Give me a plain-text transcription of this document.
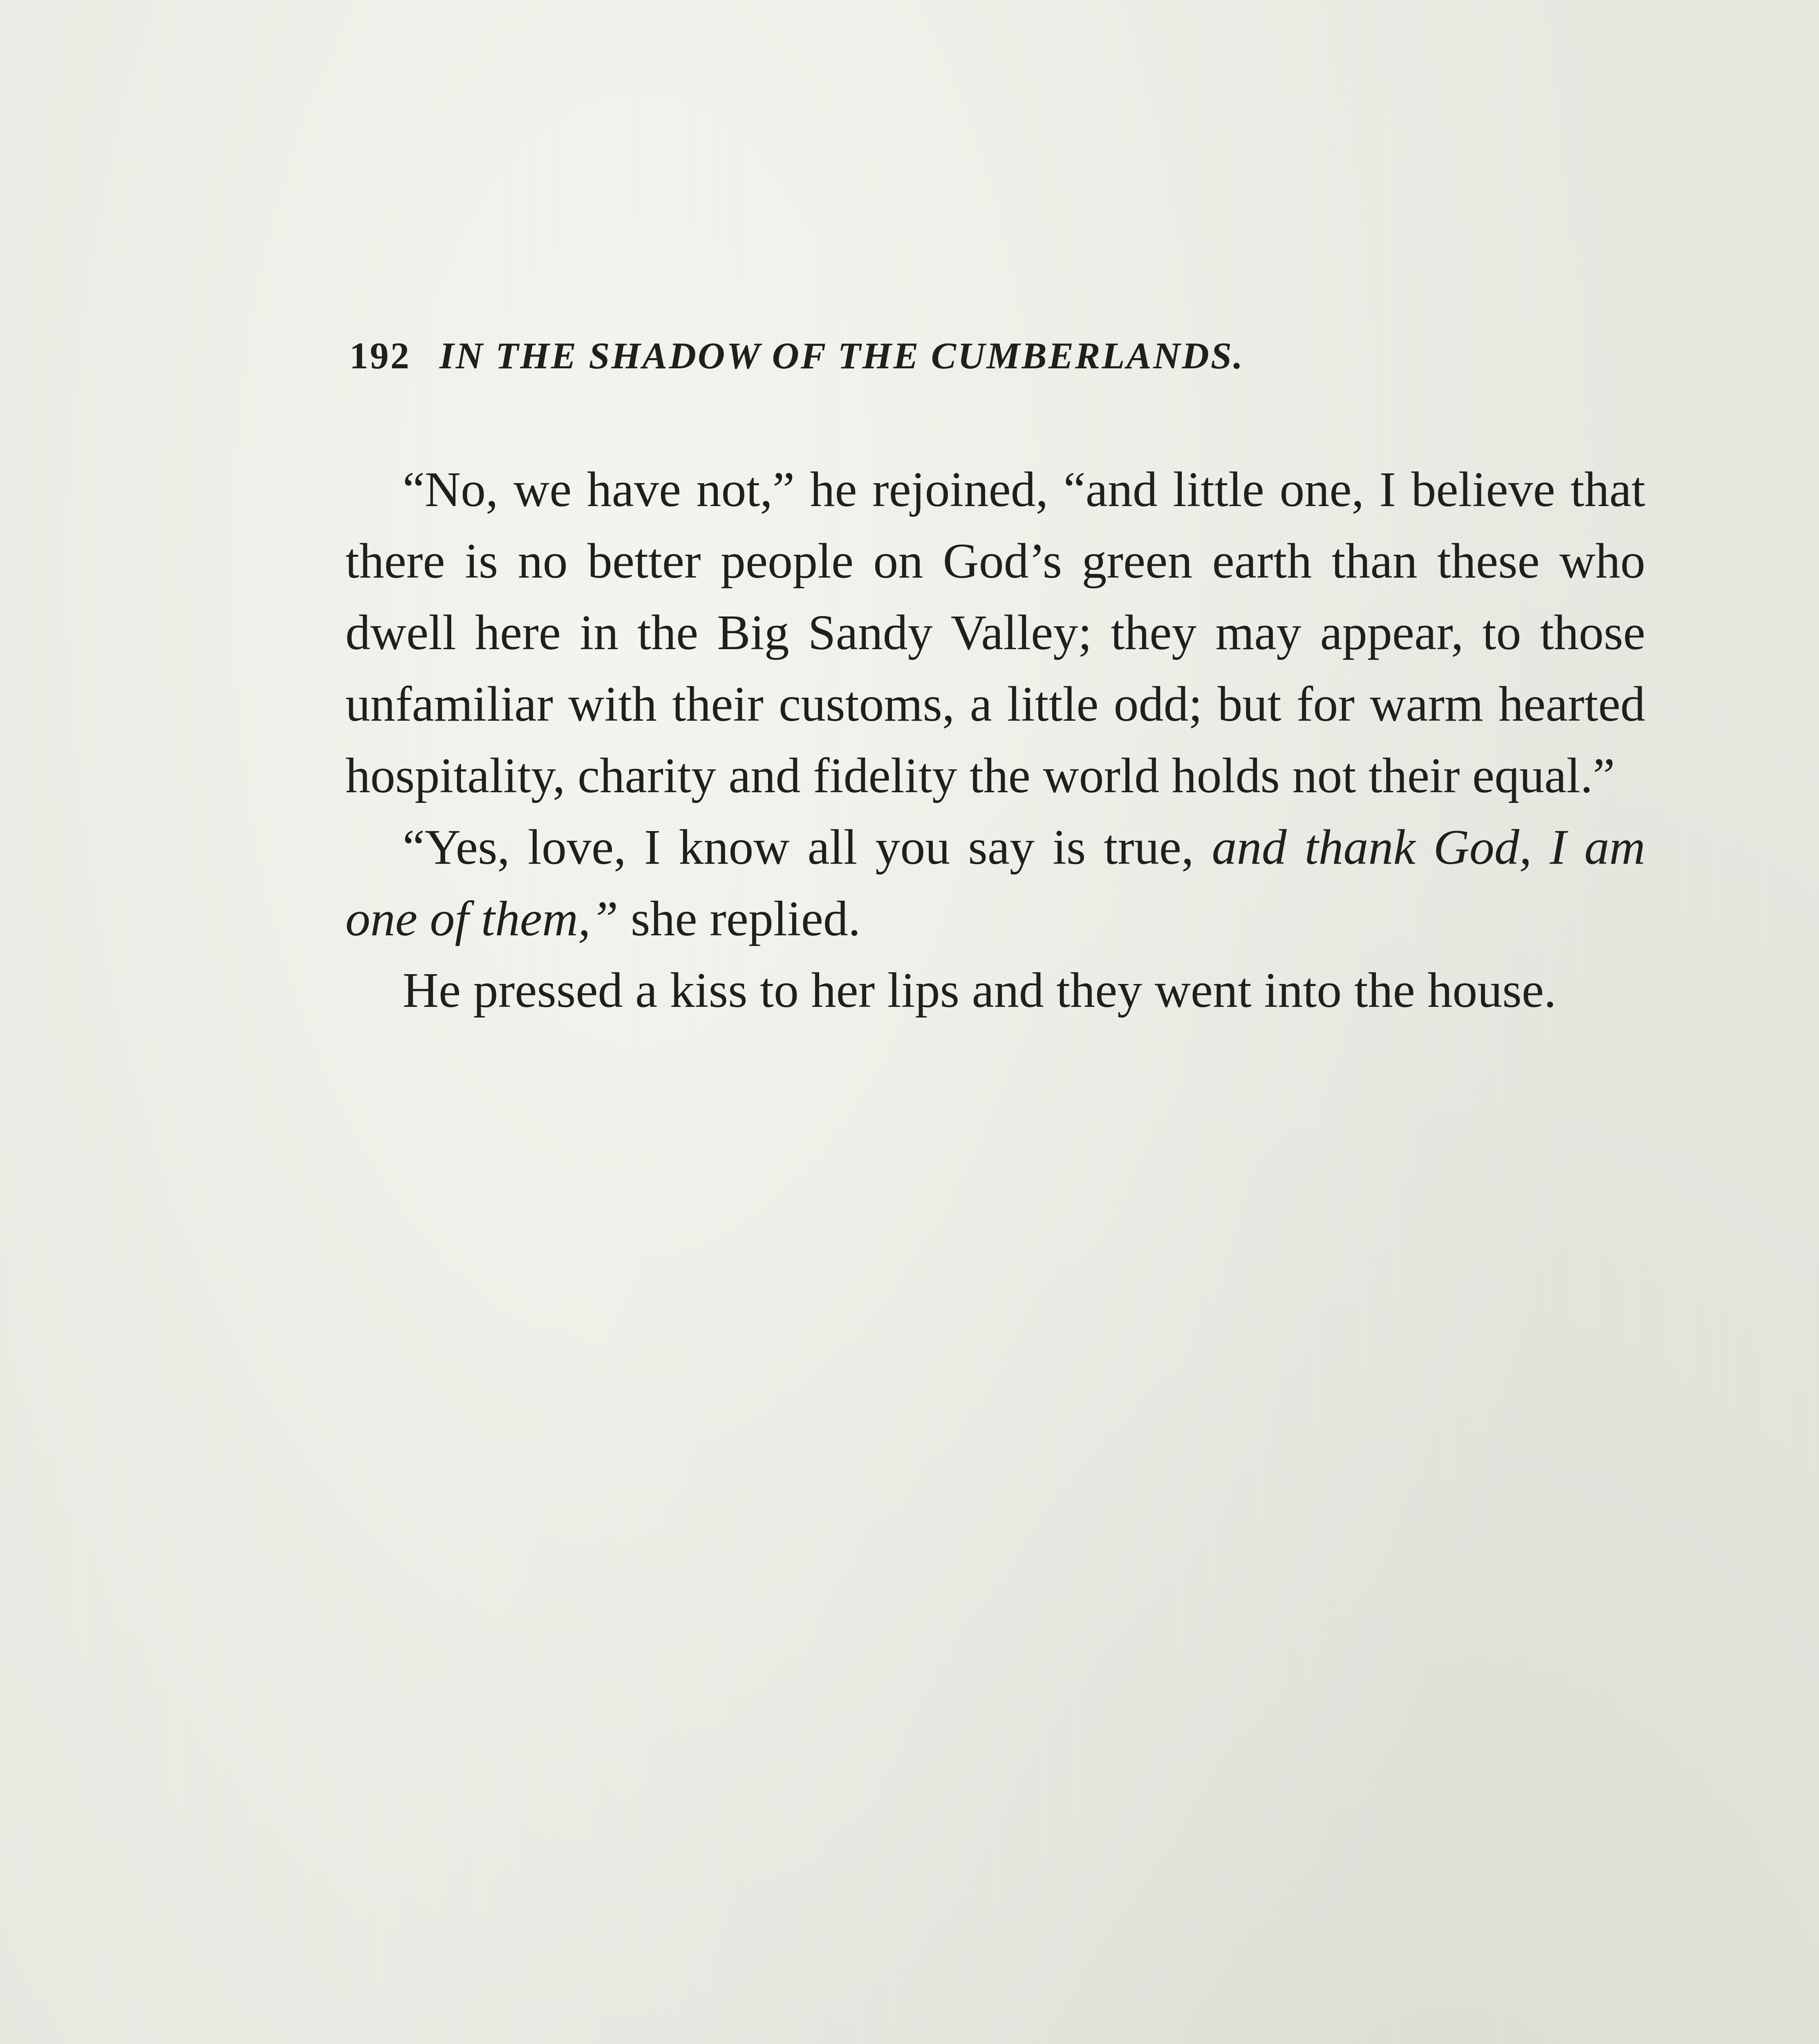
192 IN THE SHADOW OF THE CUMBERLANDS.

“No, we have not,” he rejoined, “and little one, I believe that there is no better people on God’s green earth than these who dwell here in the Big Sandy Valley; they may appear, to those unfamiliar with their customs, a little odd; but for warm hearted hospitality, charity and fidelity the world holds not their equal.”

“Yes, love, I know all you say is true, and thank God, I am one of them,” she replied.

He pressed a kiss to her lips and they went into the house.
